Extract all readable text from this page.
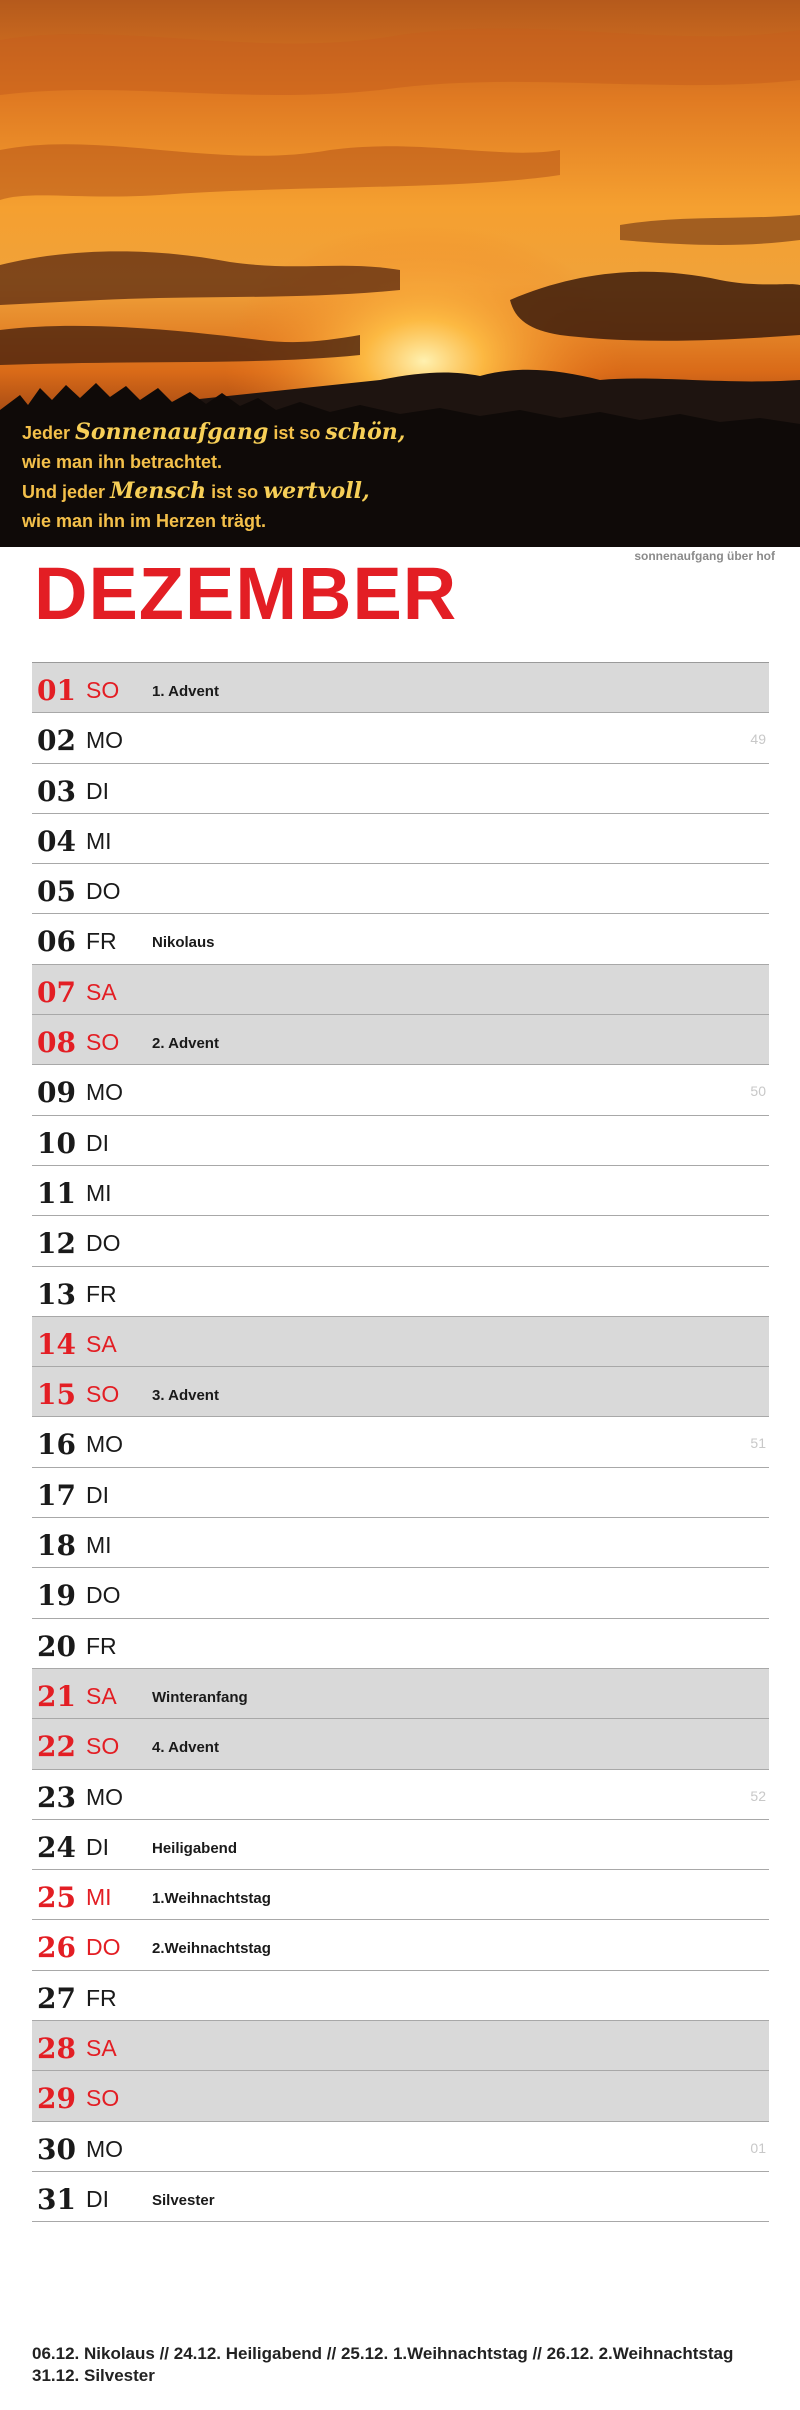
Jeder Sonnenaufgang ist so schön,
wie man ihn betrachtet.
Und jeder Mensch ist so wertvoll,
wie man ihn im Herzen trägt.
sonnenaufgang über hof
DEZEMBER
01 SO 1. Advent
02 MO	49
03 DI
04 MI
05 DO
06 FR Nikolaus
07 SA
08 SO 2. Advent
09 MO	50
10 DI
11 MI
12 DO
13 FR
14 SA
15 SO 3. Advent
16 MO	51
17 DI
18 MI
19 DO
20 FR
21 SA Winteranfang
22 SO 4. Advent
23 MO	52
24 DI	Heiligabend
25 MI	1.Weihnachtstag
26 DO 2.Weihnachtstag
27 FR
28 SA
29 SO
30 MO	01
31 DI	Silvester
06.12. Nikolaus // 24.12. Heiligabend // 25.12. 1.Weihnachtstag // 26.12. 2.Weihnachtstag
31.12. Silvester
